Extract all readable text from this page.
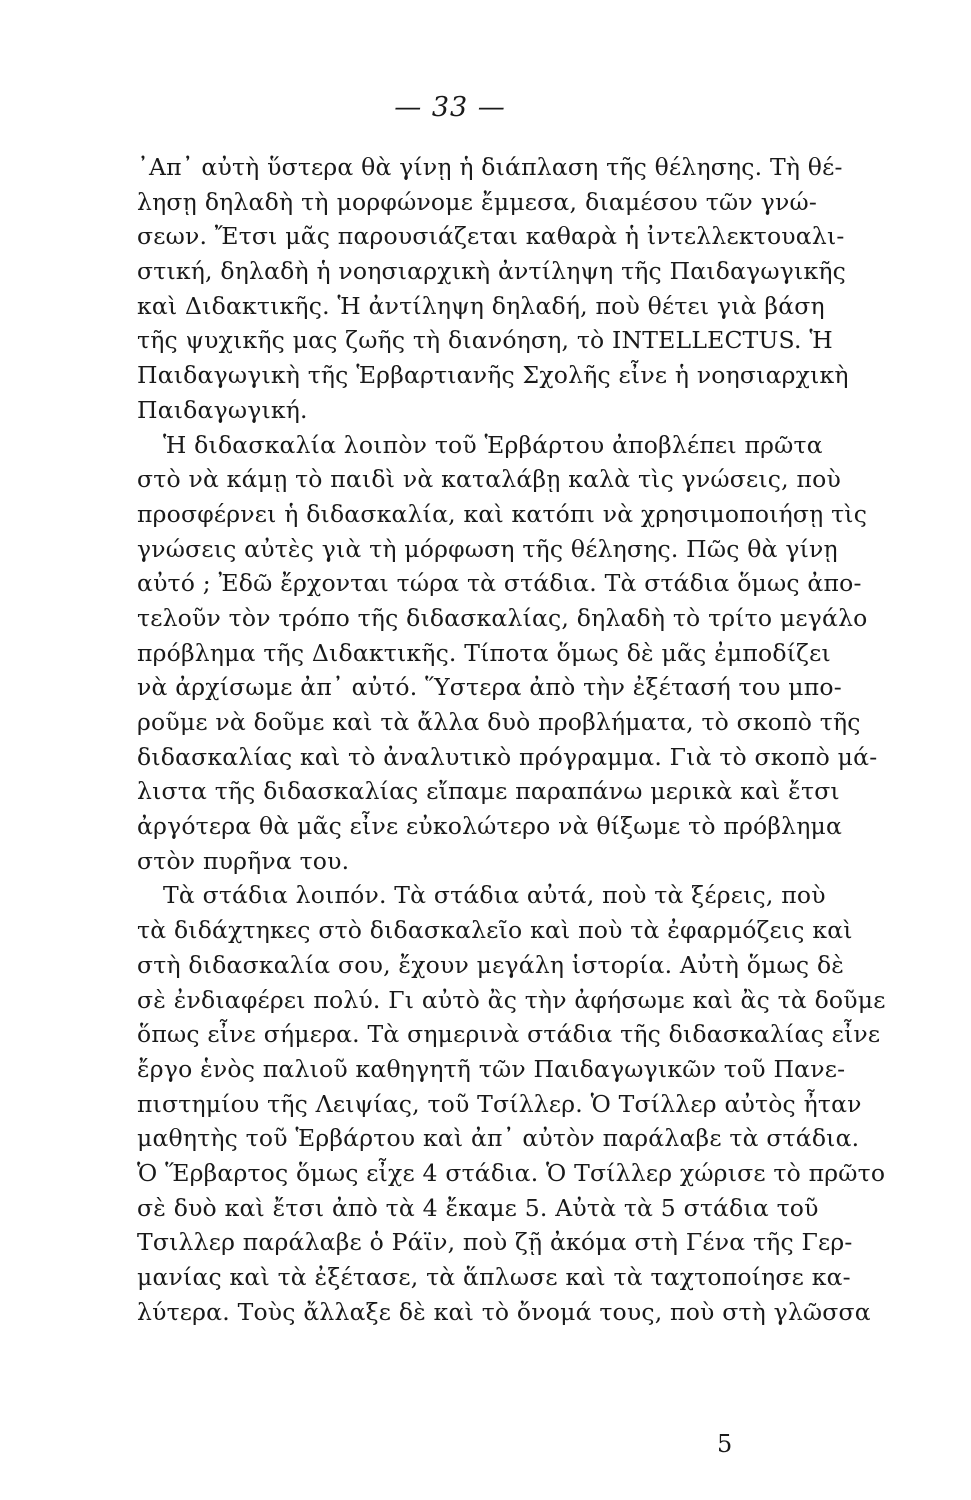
— 33 —
᾿Απ᾿ αὐτὴ ὕστερα θὰ γίνῃ ἡ διάπλαση τῆς θέλησης. Τὴ θέ-
λησῃ δηλαδὴ τὴ μορφώνομε ἔμμεσα, διαμέσου τῶν γνώ-
σεων. Ἔτσι μᾶς παρουσιάζεται καθαρὰ ἡ ἰντελλεκτουαλι-
στική, δηλαδὴ ἡ νοησιαρχικὴ ἀντίληψη τῆς Παιδαγωγικῆς
καὶ Διδακτικῆς. Ἡ ἀντίληψη δηλαδή, ποὺ θέτει γιὰ βάση
τῆς ψυχικῆς μας ζωῆς τὴ διανόηση, τὸ INTELLECTUS. Ἡ
Παιδαγωγικὴ τῆς Ἑρβαρτιανῆς Σχολῆς εἶνε ἡ νοησιαρχικὴ
Παιδαγωγική.
Ἡ διδασκαλία λοιπὸν τοῦ Ἑρβάρτου ἀποβλέπει πρῶτα
στὸ νὰ κάμῃ τὸ παιδὶ νὰ καταλάβῃ καλὰ τὶς γνώσεις, ποὺ
προσφέρνει ἡ διδασκαλία, καὶ κατόπι νὰ χρησιμοποιήσῃ τὶς
γνώσεις αὐτὲς γιὰ τὴ μόρφωση τῆς θέλησης. Πῶς θὰ γίνῃ
αὐτό ; Ἐδῶ ἔρχονται τώρα τὰ στάδια. Τὰ στάδια ὅμως ἀπο-
τελοῦν τὸν τρόπο τῆς διδασκαλίας, δηλαδὴ τὸ τρίτο μεγάλο
πρόβλημα τῆς Διδακτικῆς. Τίποτα ὅμως δὲ μᾶς ἐμποδίζει
νὰ ἀρχίσωμε ἀπ᾿ αὐτό. Ὕστερα ἀπὸ τὴν ἐξέτασή του μπο-
ροῦμε νὰ δοῦμε καὶ τὰ ἄλλα δυὸ προβλήματα, τὸ σκοπὸ τῆς
διδασκαλίας καὶ τὸ ἀναλυτικὸ πρόγραμμα. Γιὰ τὸ σκοπὸ μά-
λιστα τῆς διδασκαλίας εἴπαμε παραπάνω μερικὰ καὶ ἔτσι
ἀργότερα θὰ μᾶς εἶνε εὐκολώτερο νὰ θίξωμε τὸ πρόβλημα
στὸν πυρῆνα του.
Τὰ στάδια λοιπόν. Τὰ στάδια αὐτά, ποὺ τὰ ξέρεις, ποὺ
τὰ διδάχτηκες στὸ διδασκαλεῖο καὶ ποὺ τὰ ἐφαρμόζεις καὶ
στὴ διδασκαλία σου, ἔχουν μεγάλη ἱστορία. Αὐτὴ ὅμως δὲ
σὲ ἐνδιαφέρει πολύ. Γι αὐτὸ ἂς τὴν ἀφήσωμε καὶ ἂς τὰ δοῦμε
ὅπως εἶνε σήμερα. Τὰ σημερινὰ στάδια τῆς διδασκαλίας εἶνε
ἔργο ἑνὸς παλιοῦ καθηγητῆ τῶν Παιδαγωγικῶν τοῦ Πανε-
πιστημίου τῆς Λειψίας, τοῦ Τσίλλερ. Ὁ Τσίλλερ αὐτὸς ἦταν
μαθητὴς τοῦ Ἑρβάρτου καὶ ἀπ᾿ αὐτὸν παράλαβε τὰ στάδια.
Ὁ Ἕρβαρτος ὅμως εἶχε 4 στάδια. Ὁ Τσίλλερ χώρισε τὸ πρῶτο
σὲ δυὸ καὶ ἔτσι ἀπὸ τὰ 4 ἔκαμε 5. Αὐτὰ τὰ 5 στάδια τοῦ
Τσιλλερ παράλαβε ὁ Ράϊν, ποὺ ζῇ ἀκόμα στὴ Γένα τῆς Γερ-
μανίας καὶ τὰ ἐξέτασε, τὰ ἅπλωσε καὶ τὰ ταχτοποίησε κα-
λύτερα. Τοὺς ἄλλαξε δὲ καὶ τὸ ὄνομά τους, ποὺ στὴ γλῶσσα
5
